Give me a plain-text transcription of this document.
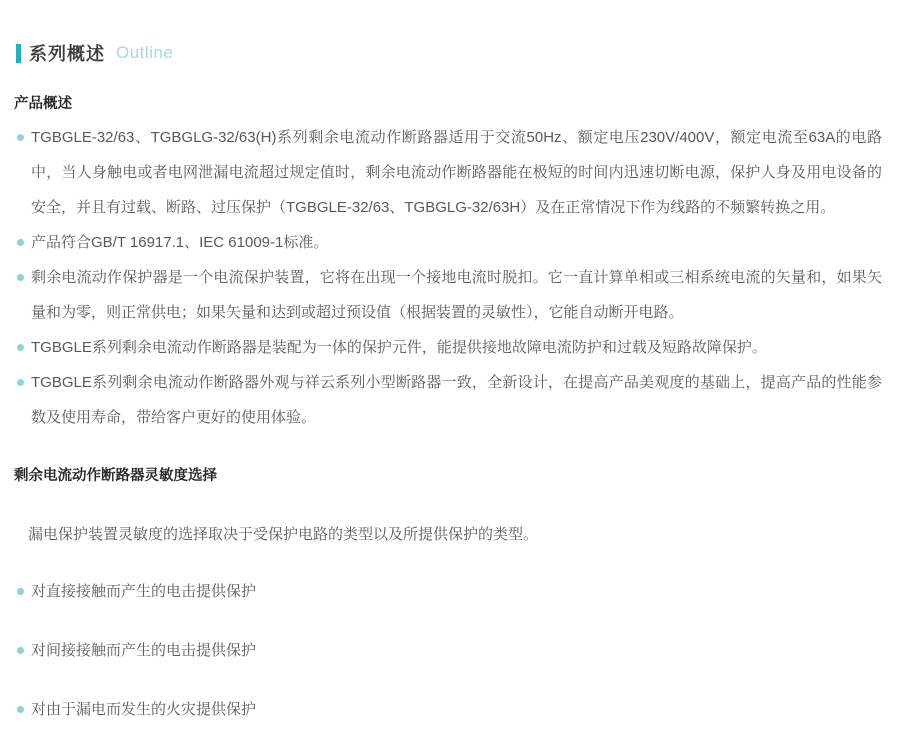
系列概述 Outline
产品概述
TGBGLE-32/63、TGBGLG-32/63(H)系列剩余电流动作断路器适用于交流50Hz、额定电压230V/400V，额定电流至63A的电路中，当人身触电或者电网泄漏电流超过规定值时，剩余电流动作断路器能在极短的时间内迅速切断电源，保护人身及用电设备的安全，并且有过载、断路、过压保护（TGBGLE-32/63、TGBGLG-32/63H）及在正常情况下作为线路的不频繁转换之用。
产品符合GB/T 16917.1、IEC 61009-1标准。
剩余电流动作保护器是一个电流保护装置，它将在出现一个接地电流时脱扣。它一直计算单相或三相系统电流的矢量和，如果矢量和为零，则正常供电；如果矢量和达到或超过预设值（根据装置的灵敏性），它能自动断开电路。
TGBGLE系列剩余电流动作断路器是装配为一体的保护元件，能提供接地故障电流防护和过载及短路故障保护。
TGBGLE系列剩余电流动作断路器外观与祥云系列小型断路器一致，全新设计，在提高产品美观度的基础上，提高产品的性能参数及使用寿命，带给客户更好的使用体验。
剩余电流动作断路器灵敏度选择

漏电保护装置灵敏度的选择取决于受保护电路的类型以及所提供保护的类型。

对直接接触而产生的电击提供保护
对间接接触而产生的电击提供保护
对由于漏电而发生的火灾提供保护
